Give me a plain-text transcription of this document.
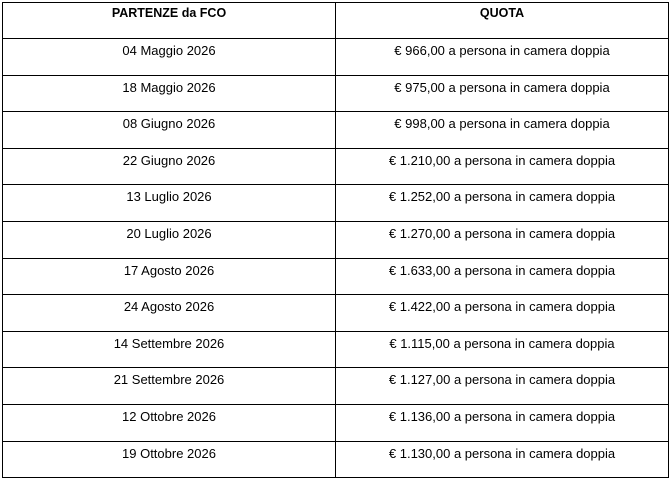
PARTENZE da FCO	QUOTA
04 Maggio 2026	€ 966,00 a persona in camera doppia
18 Maggio 2026	€ 975,00 a persona in camera doppia
08 Giugno 2026	€ 998,00 a persona in camera doppia
22 Giugno 2026	€ 1.210,00 a persona in camera doppia
13 Luglio 2026	€ 1.252,00 a persona in camera doppia
20 Luglio 2026	€ 1.270,00 a persona in camera doppia
17 Agosto 2026	€ 1.633,00 a persona in camera doppia
24 Agosto 2026	€ 1.422,00 a persona in camera doppia
14 Settembre 2026	€ 1.115,00 a persona in camera doppia
21 Settembre 2026	€ 1.127,00 a persona in camera doppia
12 Ottobre 2026	€ 1.136,00 a persona in camera doppia
19 Ottobre 2026	€ 1.130,00 a persona in camera doppia
